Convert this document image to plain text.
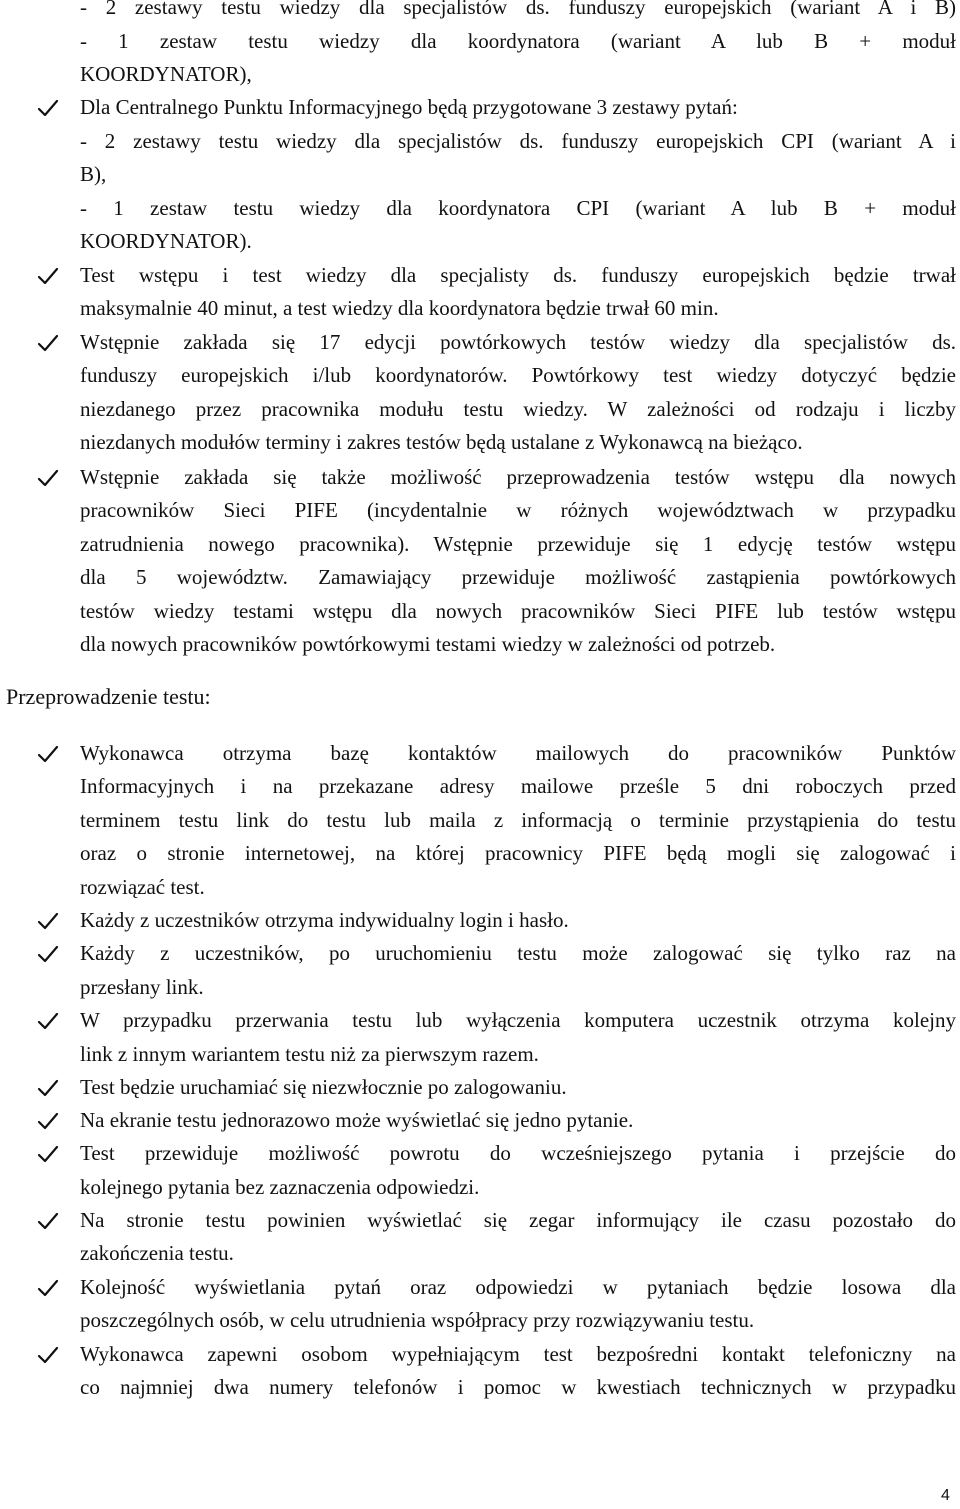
- 2 zestawy testu wiedzy dla specjalistów ds. funduszy europejskich (wariant A i B)
- 1 zestaw testu wiedzy dla koordynatora (wariant A lub B + moduł
KOORDYNATOR),
Dla Centralnego Punktu Informacyjnego będą przygotowane 3 zestawy pytań:
- 2 zestawy testu wiedzy dla specjalistów ds. funduszy europejskich CPI (wariant A i
B),
- 1 zestaw testu wiedzy dla koordynatora CPI (wariant A lub B + moduł
KOORDYNATOR).
Test wstępu i test wiedzy dla specjalisty ds. funduszy europejskich będzie trwał
maksymalnie 40 minut, a test wiedzy dla koordynatora będzie trwał 60 min.
Wstępnie zakłada się 17 edycji powtórkowych testów wiedzy dla specjalistów ds.
funduszy europejskich i/lub koordynatorów. Powtórkowy test wiedzy dotyczyć będzie
niezdanego przez pracownika modułu testu wiedzy. W zależności od rodzaju i liczby
niezdanych modułów terminy i zakres testów będą ustalane z Wykonawcą na bieżąco.
Wstępnie zakłada się także możliwość przeprowadzenia testów wstępu dla nowych
pracowników Sieci PIFE (incydentalnie w różnych województwach w przypadku
zatrudnienia nowego pracownika). Wstępnie przewiduje się 1 edycję testów wstępu
dla 5 województw. Zamawiający przewiduje możliwość zastąpienia powtórkowych
testów wiedzy testami wstępu dla nowych pracowników Sieci PIFE lub testów wstępu
dla nowych pracowników powtórkowymi testami wiedzy w zależności od potrzeb.
Przeprowadzenie testu:
Wykonawca otrzyma bazę kontaktów mailowych do pracowników Punktów
Informacyjnych i na przekazane adresy mailowe prześle 5 dni roboczych przed
terminem testu link do testu lub maila z informacją o terminie przystąpienia do testu
oraz o stronie internetowej, na której pracownicy PIFE będą mogli się zalogować i
rozwiązać test.
Każdy z uczestników otrzyma indywidualny login i hasło.
Każdy z uczestników, po uruchomieniu testu może zalogować się tylko raz na
przesłany link.
W przypadku przerwania testu lub wyłączenia komputera uczestnik otrzyma kolejny
link z innym wariantem testu niż za pierwszym razem.
Test będzie uruchamiać się niezwłocznie po zalogowaniu.
Na ekranie testu jednorazowo może wyświetlać się jedno pytanie.
Test przewiduje możliwość powrotu do wcześniejszego pytania i przejście do
kolejnego pytania bez zaznaczenia odpowiedzi.
Na stronie testu powinien wyświetlać się zegar informujący ile czasu pozostało do
zakończenia testu.
Kolejność wyświetlania pytań oraz odpowiedzi w pytaniach będzie losowa dla
poszczególnych osób, w celu utrudnienia współpracy przy rozwiązywaniu testu.
Wykonawca zapewni osobom wypełniającym test bezpośredni kontakt telefoniczny na
co najmniej dwa numery telefonów i pomoc w kwestiach technicznych w przypadku
4
